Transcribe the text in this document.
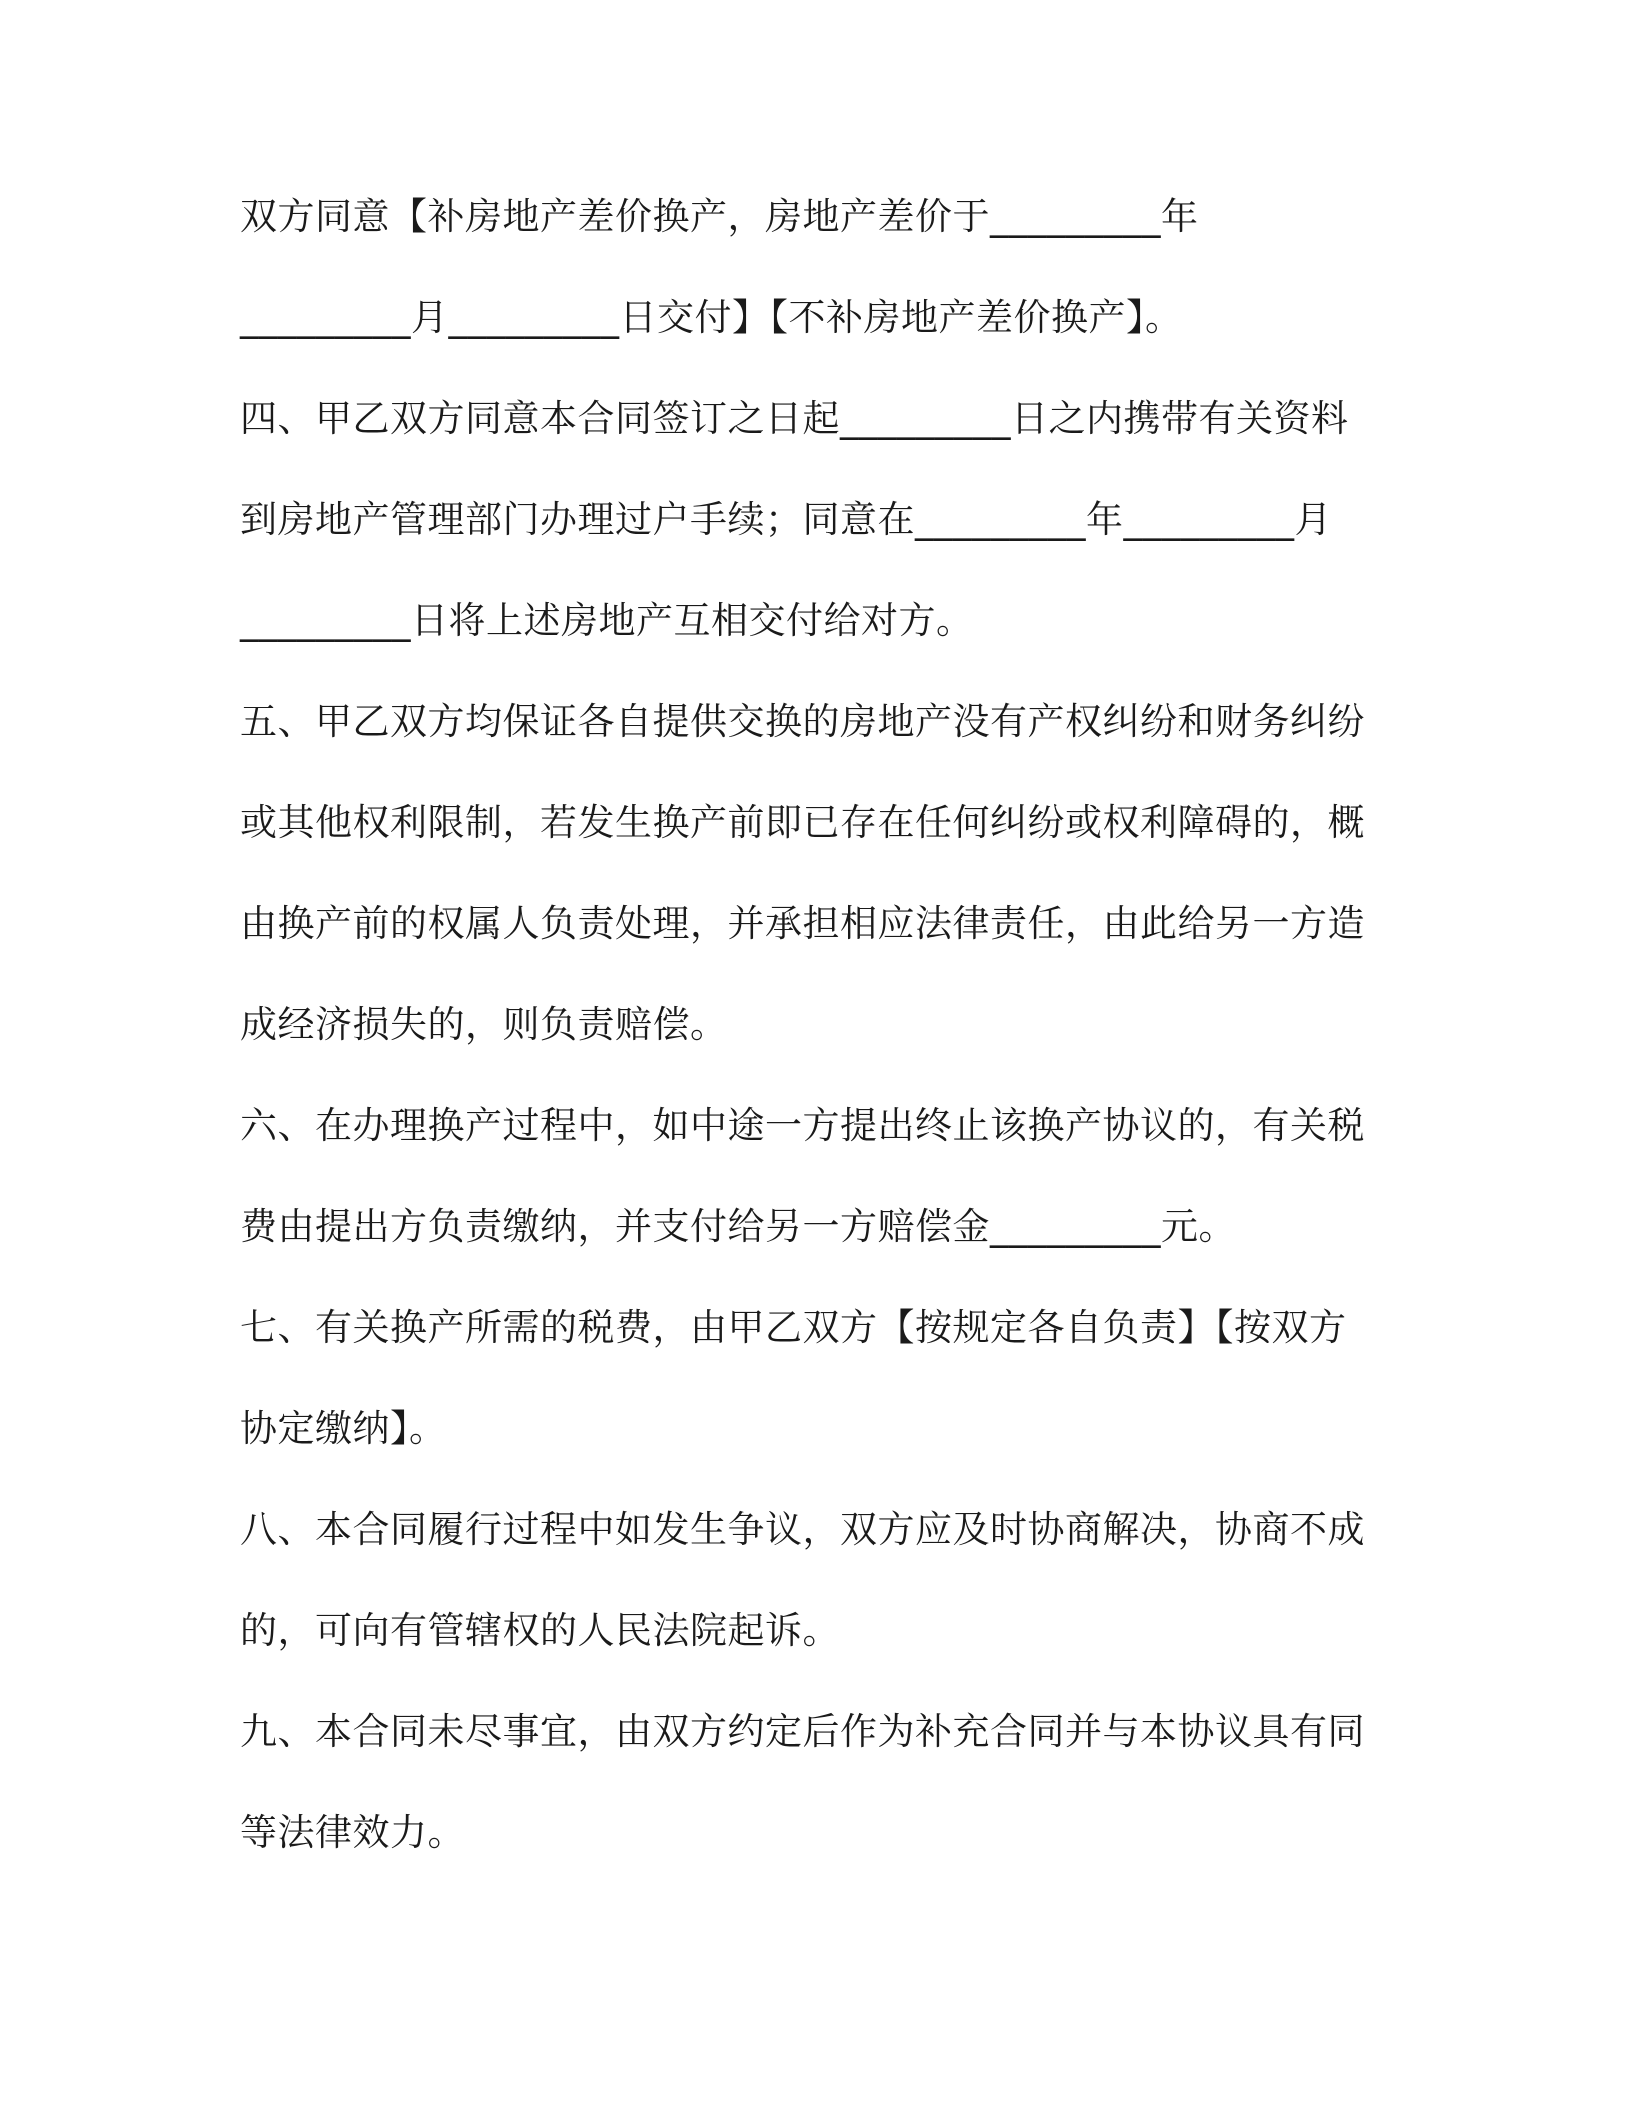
双方同意【补房地产差价换产，房地产差价于_________年
_________月_________日交付】【不补房地产差价换产】。
四、甲乙双方同意本合同签订之日起_________日之内携带有关资料
到房地产管理部门办理过户手续；同意在_________年_________月
_________日将上述房地产互相交付给对方。
五、甲乙双方均保证各自提供交换的房地产没有产权纠纷和财务纠纷
或其他权利限制，若发生换产前即已存在任何纠纷或权利障碍的，概
由换产前的权属人负责处理，并承担相应法律责任，由此给另一方造
成经济损失的，则负责赔偿。
六、在办理换产过程中，如中途一方提出终止该换产协议的，有关税
费由提出方负责缴纳，并支付给另一方赔偿金_________元。
七、有关换产所需的税费，由甲乙双方【按规定各自负责】【按双方
协定缴纳】。
八、本合同履行过程中如发生争议，双方应及时协商解决，协商不成
的，可向有管辖权的人民法院起诉。
九、本合同未尽事宜，由双方约定后作为补充合同并与本协议具有同
等法律效力。
